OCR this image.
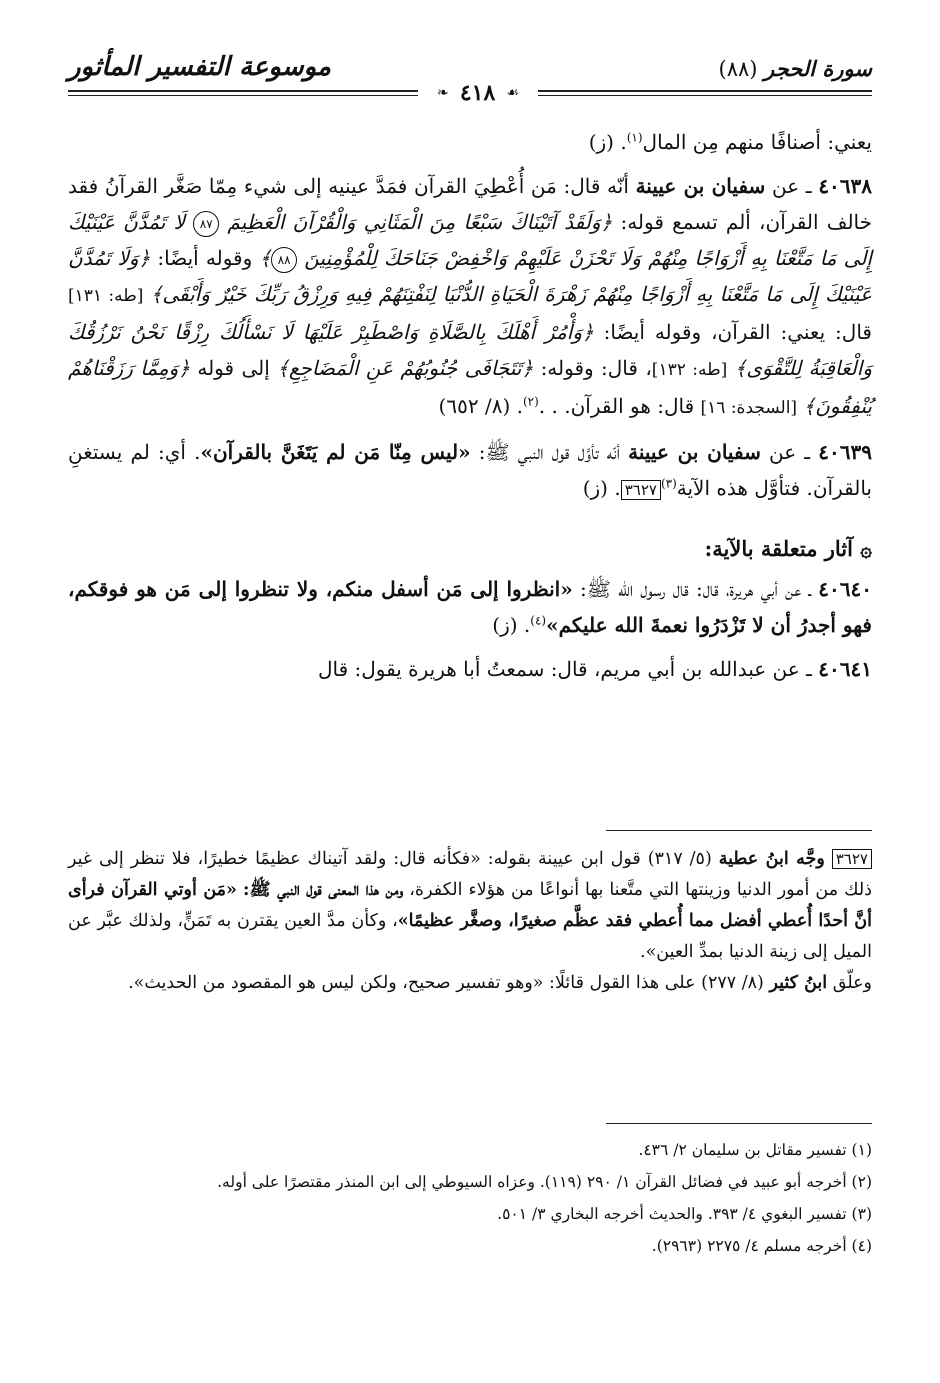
سورة الحجر (٨٨)
موسوعة التفسير المأثور
❧ ٤١٨ ☙

يعني: أصنافًا منهم مِن المال$^{(١)}$. (ز)

٤٠٦٣٨ ـ عن سفيان بن عيينة أنّه قال: مَن أُعْطِيَ القرآن فمَدَّ عينيه إلى شيء مِمّا صَغَّر القرآنُ فقد خالف القرآن، ألم تسمع قوله: ﴿وَلَقَدْ آتَيْنَاكَ سَبْعًا مِنَ الْمَثَانِي وَالْقُرْآنَ الْعَظِيمَ ٨٧ لَا تَمُدَّنَّ عَيْنَيْكَ إِلَى مَا مَتَّعْنَا بِهِ أَزْوَاجًا مِنْهُمْ وَلَا تَحْزَنْ عَلَيْهِمْ وَاخْفِضْ جَنَاحَكَ لِلْمُؤْمِنِينَ ٨٨﴾ وقوله أيضًا: ﴿وَلَا تَمُدَّنَّ عَيْنَيْكَ إِلَى مَا مَتَّعْنَا بِهِ أَزْوَاجًا مِنْهُمْ زَهْرَةَ الْحَيَاةِ الدُّنْيَا لِنَفْتِنَهُمْ فِيهِ وَرِزْقُ رَبِّكَ خَيْرٌ وَأَبْقَى﴾ [طه: ١٣١] قال: يعني: القرآن، وقوله أيضًا: ﴿وَأْمُرْ أَهْلَكَ بِالصَّلَاةِ وَاصْطَبِرْ عَلَيْهَا لَا نَسْأَلُكَ رِزْقًا نَحْنُ نَرْزُقُكَ وَالْعَاقِبَةُ لِلتَّقْوَى﴾ [طه: ١٣٢]، قال: وقوله: ﴿تَتَجَافَى جُنُوبُهُمْ عَنِ الْمَضَاجِعِ﴾ إلى قوله ﴿وَمِمَّا رَزَقْنَاهُمْ يُنْفِقُونَ﴾ [السجدة: ١٦] قال: هو القرآن. . .$^{(٢)}$. (٨/ ٦٥٢)

٤٠٦٣٩ ـ عن سفيان بن عيينة أنّه تأوَّل قول النبي ﷺ: «ليس مِنّا مَن لم يَتَغَنَّ بالقرآن». أي: لم يستغنِ بالقرآن. فتأوَّل هذه الآية$^{(٣)}$٣٦٢٧. (ز)

۞ آثار متعلقة بالآية:

٤٠٦٤٠ ـ عن أبي هريرة، قال: قال رسول الله ﷺ: «انظروا إلى مَن أسفل منكم، ولا تنظروا إلى مَن هو فوقكم، فهو أجدرُ أن لا تَزْدَرُوا نعمةَ الله عليكم»$^{(٤)}$. (ز)

٤٠٦٤١ ـ عن عبدالله بن أبي مريم، قال: سمعتُ أبا هريرة يقول: قال

٣٦٢٧ وجَّه ابنُ عطية (٥/ ٣١٧) قول ابن عيينة بقوله: «فكأنه قال: ولقد آتيناك عظيمًا خطيرًا، فلا تنظر إلى غير ذلك من أمور الدنيا وزينتها التي متَّعنا بها أنواعًا من هؤلاء الكفرة، ومن هذا المعنى قول النبي ﷺ: «مَن أوتي القرآن فرأى أنَّ أحدًا أُعطي أفضل مما أُعطي فقد عظَّم صغيرًا، وصغَّر عظيمًا»، وكأن مدَّ العين يقترن به تَمَنٍّ، ولذلك عبَّر عن الميل إلى زينة الدنيا بمدِّ العين».

وعلّق ابنُ كثير (٨/ ٢٧٧) على هذا القول قائلًا: «وهو تفسير صحيح، ولكن ليس هو المقصود من الحديث».

(١) تفسير مقاتل بن سليمان ٢/ ٤٣٦.

(٢) أخرجه أبو عبيد في فضائل القرآن ١/ ٢٩٠ (١١٩). وعزاه السيوطي إلى ابن المنذر مقتصرًا على أوله.

(٣) تفسير البغوي ٤/ ٣٩٣. والحديث أخرجه البخاري ٣/ ٥٠١.

(٤) أخرجه مسلم ٤/ ٢٢٧٥ (٢٩٦٣).
